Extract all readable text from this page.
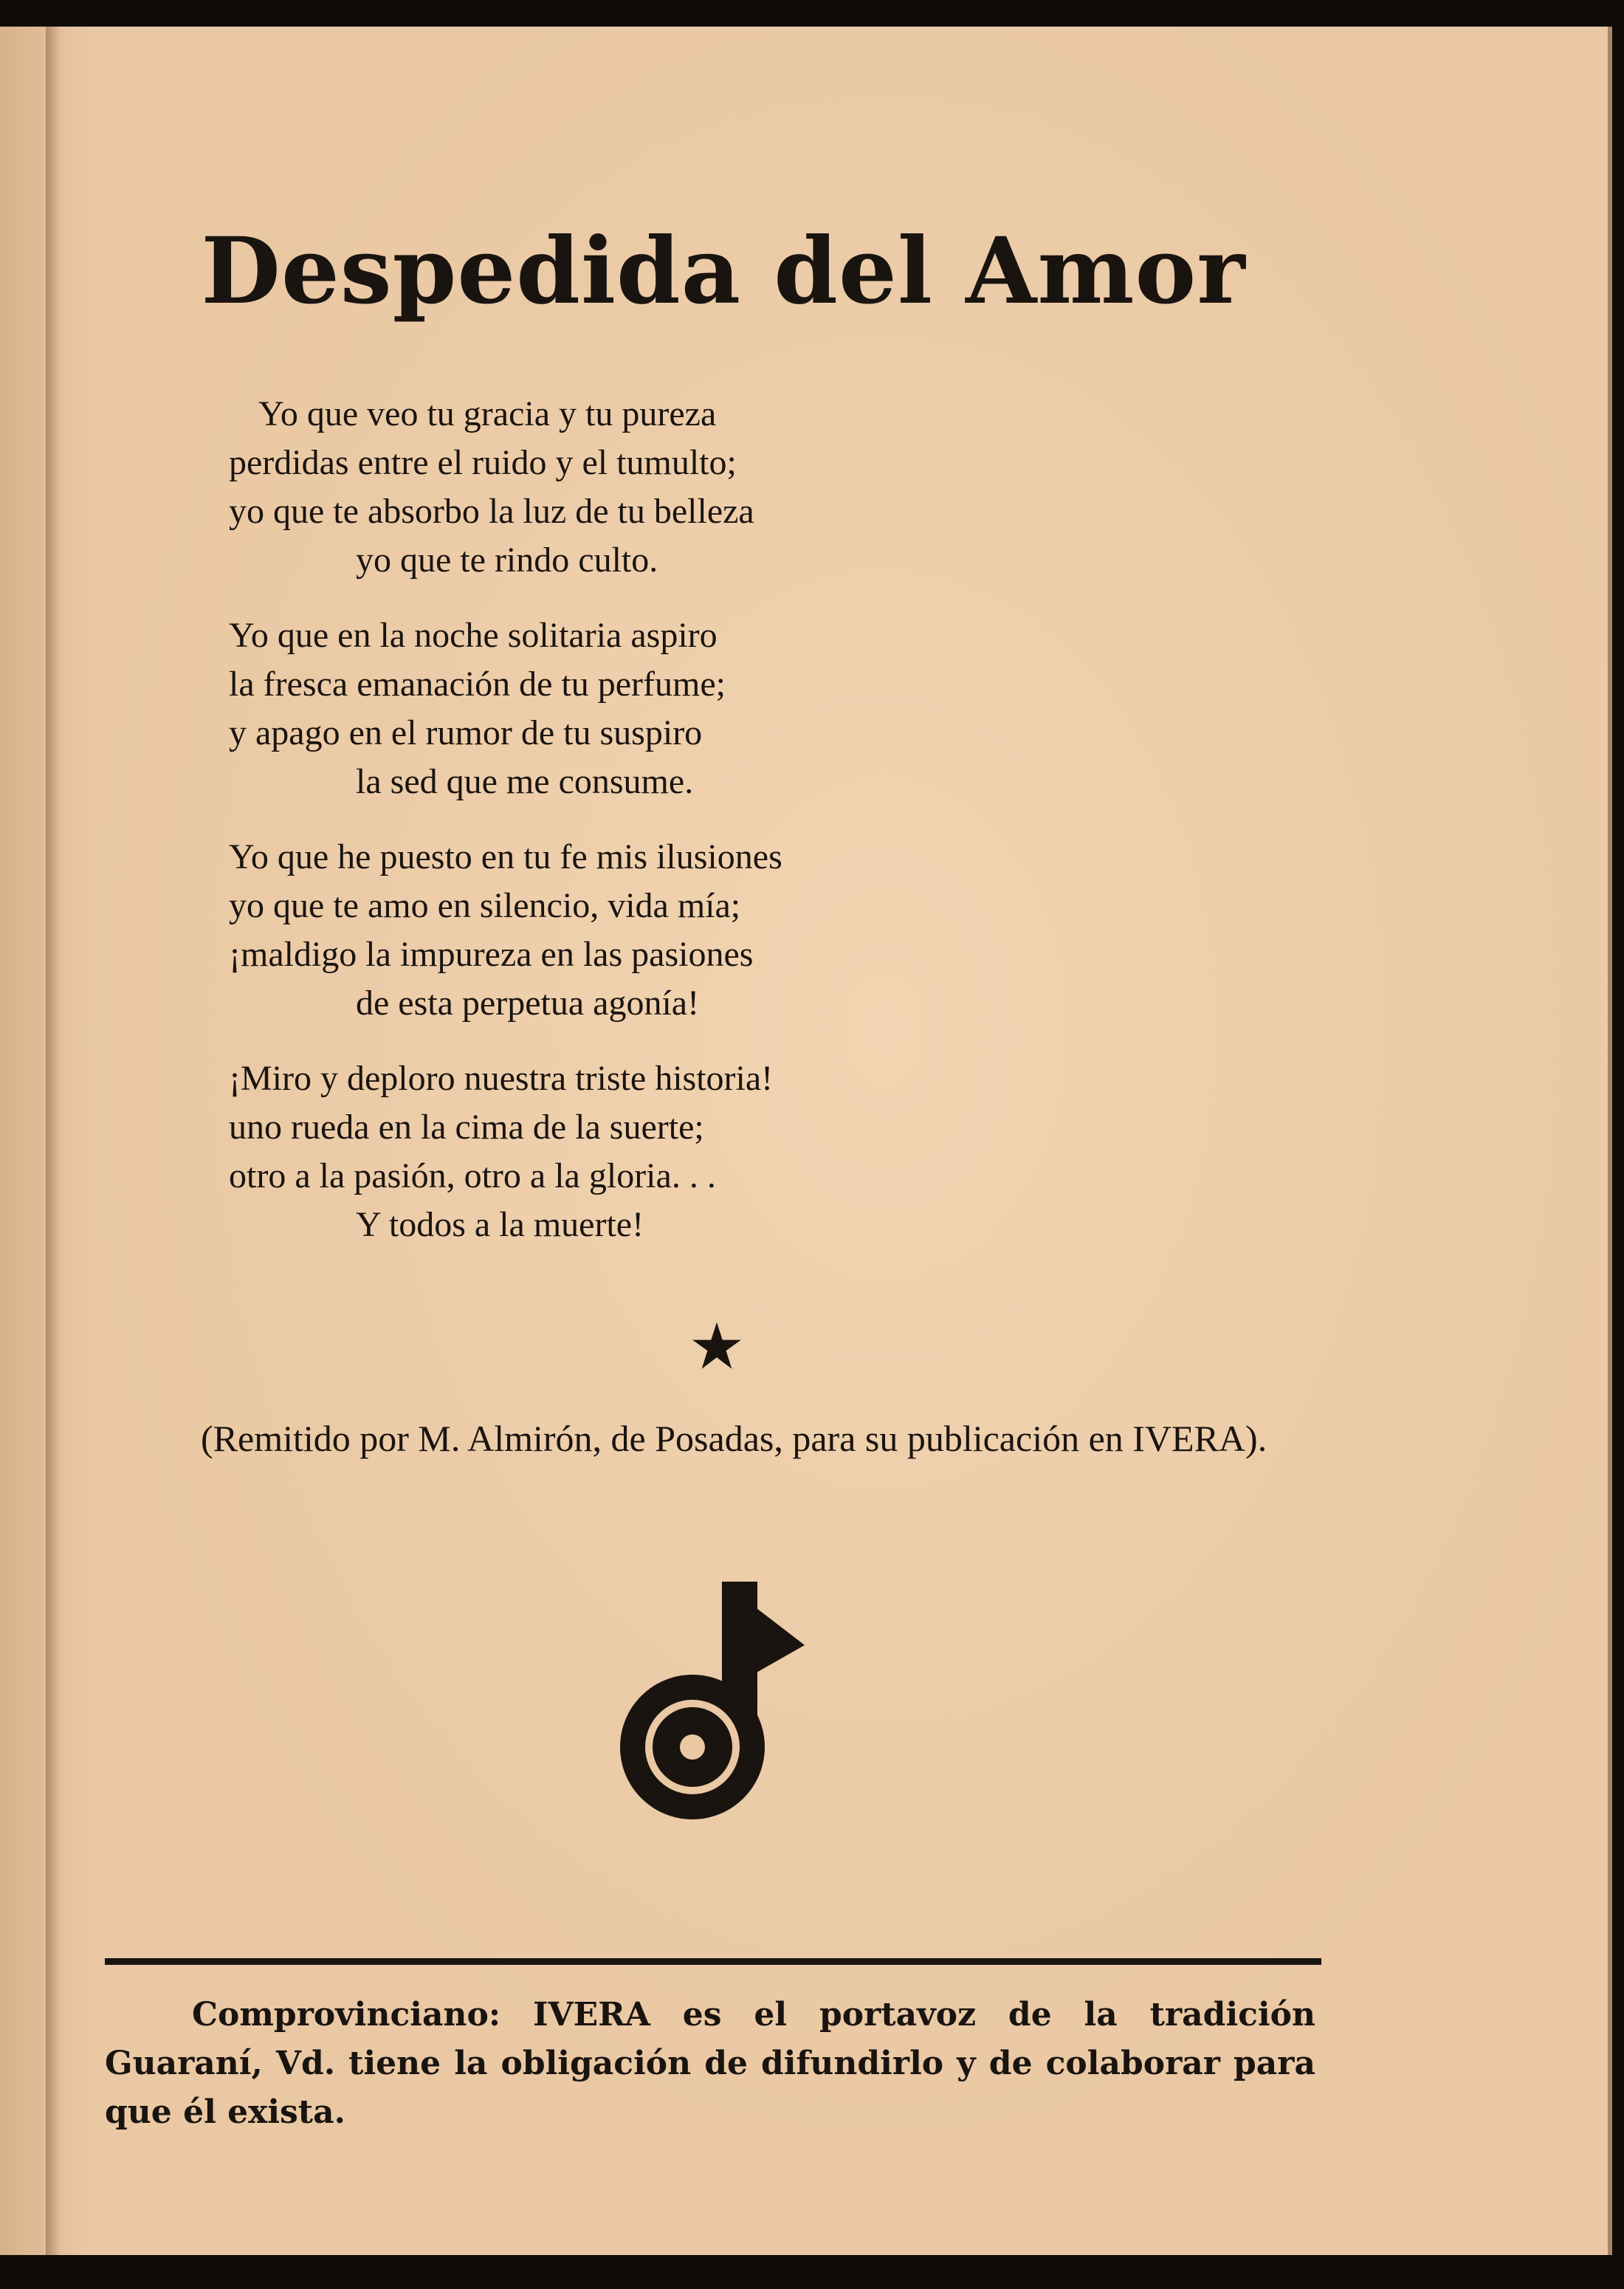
Despedida del Amor
Yo que veo tu gracia y tu pureza
perdidas entre el ruido y el tumulto;
yo que te absorbo la luz de tu belleza
yo que te rindo culto.
Yo que en la noche solitaria aspiro
la fresca emanación de tu perfume;
y apago en el rumor de tu suspiro
la sed que me consume.
Yo que he puesto en tu fe mis ilusiones
yo que te amo en silencio, vida mía;
¡maldigo la impureza en las pasiones
de esta perpetua agonía!
¡Miro y deploro nuestra triste historia!
uno rueda en la cima de la suerte;
otro a la pasión, otro a la gloria. . .
Y todos a la muerte!

(Remitido por M. Almirón, de Posadas, para su publicación en IVERA).

Comprovinciano: IVERA es el portavoz de la tradición Guaraní, Vd. tiene la obligación de difundirlo y de colaborar para que él exista.
